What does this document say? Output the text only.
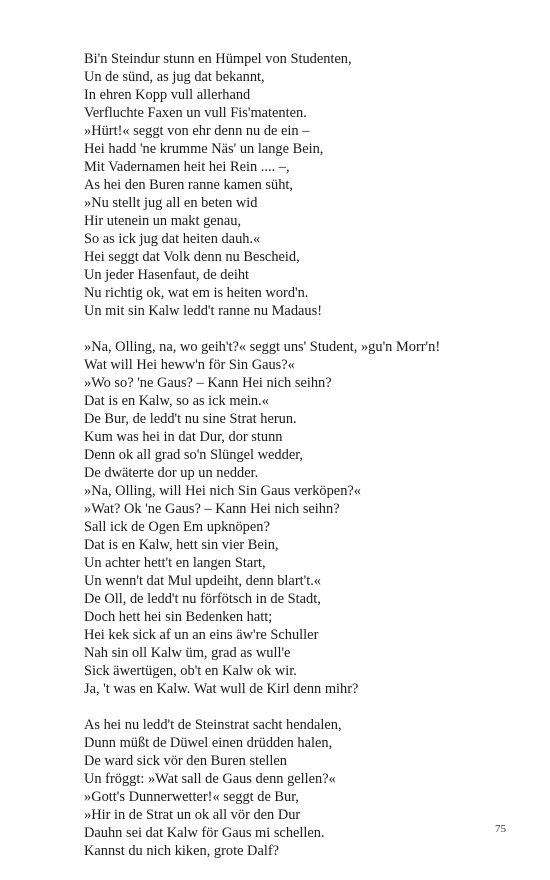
Bi'n Steindur stunn en Hümpel von Studenten,
Un de sünd, as jug dat bekannt,
In ehren Kopp vull allerhand
Verfluchte Faxen un vull Fis'matenten.
»Hürt!« seggt von ehr denn nu de ein –
Hei hadd 'ne krumme Näs' un lange Bein,
Mit Vadernamen heit hei Rein .... –,
As hei den Buren ranne kamen süht,
»Nu stellt jug all en beten wid
Hir utenein un makt genau,
So as ick jug dat heiten dauh.«
Hei seggt dat Volk denn nu Bescheid,
Un jeder Hasenfaut, de deiht
Nu richtig ok, wat em is heiten word'n.
Un mit sin Kalw ledd't ranne nu Madaus!
»Na, Olling, na, wo geih't?« seggt uns' Student, »gu'n Morr'n!
Wat will Hei heww'n för Sin Gaus?«
»Wo so? 'ne Gaus? – Kann Hei nich seihn?
Dat is en Kalw, so as ick mein.«
De Bur, de ledd't nu sine Strat herun.
Kum was hei in dat Dur, dor stunn
Denn ok all grad so'n Slüngel wedder,
De dwäterte dor up un nedder.
»Na, Olling, will Hei nich Sin Gaus verköpen?«
»Wat? Ok 'ne Gaus? – Kann Hei nich seihn?
Sall ick de Ogen Em upknöpen?
Dat is en Kalw, hett sin vier Bein,
Un achter hett't en langen Start,
Un wenn't dat Mul updeiht, denn blart't.«
De Oll, de ledd't nu förfötsch in de Stadt,
Doch hett hei sin Bedenken hatt;
Hei kek sick af un an eins äw're Schuller
Nah sin oll Kalw üm, grad as wull'e
Sick äwertügen, ob't en Kalw ok wir.
Ja, 't was en Kalw. Wat wull de Kirl denn mihr?
As hei nu ledd't de Steinstrat sacht hendalen,
Dunn müßt de Düwel einen drüdden halen,
De ward sick vör den Buren stellen
Un fröggt: »Wat sall de Gaus denn gellen?«
»Gott's Dunnerwetter!« seggt de Bur,
»Hir in de Strat un ok all vör den Dur
Dauhn sei dat Kalw för Gaus mi schellen.
Kannst du nich kiken, grote Dalf?
75
